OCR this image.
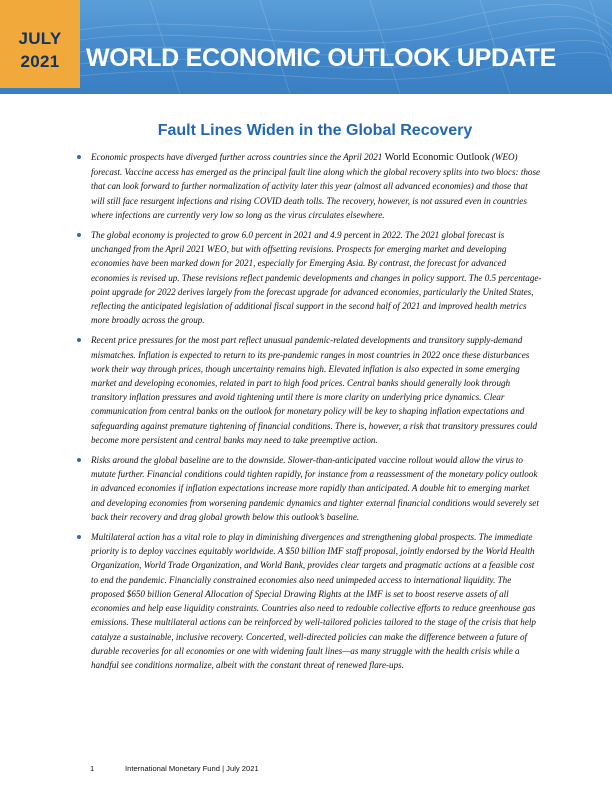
JULY
2021	WORLD ECONOMIC OUTLOOK UPDATE
Fault Lines Widen in the Global Recovery
Economic prospects have diverged further across countries since the April 2021 World Economic Outlook (WEO) forecast. Vaccine access has emerged as the principal fault line along which the global recovery splits into two blocs: those that can look forward to further normalization of activity later this year (almost all advanced economies) and those that will still face resurgent infections and rising COVID death tolls. The recovery, however, is not assured even in countries where infections are currently very low so long as the virus circulates elsewhere.
The global economy is projected to grow 6.0 percent in 2021 and 4.9 percent in 2022. The 2021 global forecast is unchanged from the April 2021 WEO, but with offsetting revisions. Prospects for emerging market and developing economies have been marked down for 2021, especially for Emerging Asia. By contrast, the forecast for advanced economies is revised up. These revisions reflect pandemic developments and changes in policy support. The 0.5 percentage-point upgrade for 2022 derives largely from the forecast upgrade for advanced economies, particularly the United States, reflecting the anticipated legislation of additional fiscal support in the second half of 2021 and improved health metrics more broadly across the group.
Recent price pressures for the most part reflect unusual pandemic-related developments and transitory supply-demand mismatches. Inflation is expected to return to its pre-pandemic ranges in most countries in 2022 once these disturbances work their way through prices, though uncertainty remains high. Elevated inflation is also expected in some emerging market and developing economies, related in part to high food prices. Central banks should generally look through transitory inflation pressures and avoid tightening until there is more clarity on underlying price dynamics. Clear communication from central banks on the outlook for monetary policy will be key to shaping inflation expectations and safeguarding against premature tightening of financial conditions. There is, however, a risk that transitory pressures could become more persistent and central banks may need to take preemptive action.
Risks around the global baseline are to the downside. Slower-than-anticipated vaccine rollout would allow the virus to mutate further. Financial conditions could tighten rapidly, for instance from a reassessment of the monetary policy outlook in advanced economies if inflation expectations increase more rapidly than anticipated. A double hit to emerging market and developing economies from worsening pandemic dynamics and tighter external financial conditions would severely set back their recovery and drag global growth below this outlook’s baseline.
Multilateral action has a vital role to play in diminishing divergences and strengthening global prospects. The immediate priority is to deploy vaccines equitably worldwide. A $50 billion IMF staff proposal, jointly endorsed by the World Health Organization, World Trade Organization, and World Bank, provides clear targets and pragmatic actions at a feasible cost to end the pandemic. Financially constrained economies also need unimpeded access to international liquidity. The proposed $650 billion General Allocation of Special Drawing Rights at the IMF is set to boost reserve assets of all economies and help ease liquidity constraints. Countries also need to redouble collective efforts to reduce greenhouse gas emissions. These multilateral actions can be reinforced by well-tailored policies tailored to the stage of the crisis that help catalyze a sustainable, inclusive recovery. Concerted, well-directed policies can make the difference between a future of durable recoveries for all economies or one with widening fault lines—as many struggle with the health crisis while a handful see conditions normalize, albeit with the constant threat of renewed flare-ups.
1	International Monetary Fund | July 2021
